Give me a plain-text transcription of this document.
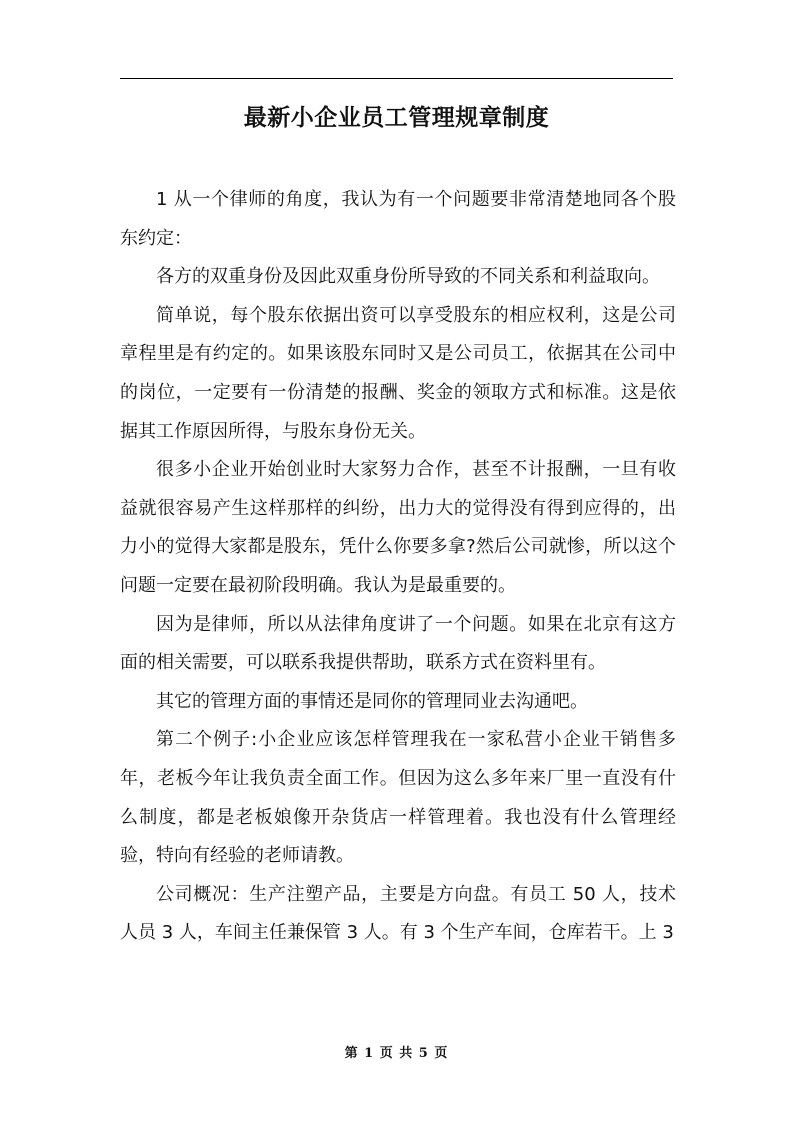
最新小企业员工管理规章制度

1 从一个律师的角度，我认为有一个问题要非常清楚地同各个股东约定：

各方的双重身份及因此双重身份所导致的不同关系和利益取向。

简单说，每个股东依据出资可以享受股东的相应权利，这是公司章程里是有约定的。如果该股东同时又是公司员工，依据其在公司中的岗位，一定要有一份清楚的报酬、奖金的领取方式和标准。这是依据其工作原因所得，与股东身份无关。

很多小企业开始创业时大家努力合作，甚至不计报酬，一旦有收益就很容易产生这样那样的纠纷，出力大的觉得没有得到应得的，出力小的觉得大家都是股东，凭什么你要多拿?然后公司就惨，所以这个问题一定要在最初阶段明确。我认为是最重要的。

因为是律师，所以从法律角度讲了一个问题。如果在北京有这方面的相关需要，可以联系我提供帮助，联系方式在资料里有。

其它的管理方面的事情还是同你的管理同业去沟通吧。

第二个例子:小企业应该怎样管理我在一家私营小企业干销售多年，老板今年让我负责全面工作。但因为这么多年来厂里一直没有什么制度，都是老板娘像开杂货店一样管理着。我也没有什么管理经验，特向有经验的老师请教。

公司概况：生产注塑产品，主要是方向盘。有员工 50 人，技术人员 3 人，车间主任兼保管 3 人。有 3 个生产车间，仓库若干。上 3

第 1 页 共 5 页
